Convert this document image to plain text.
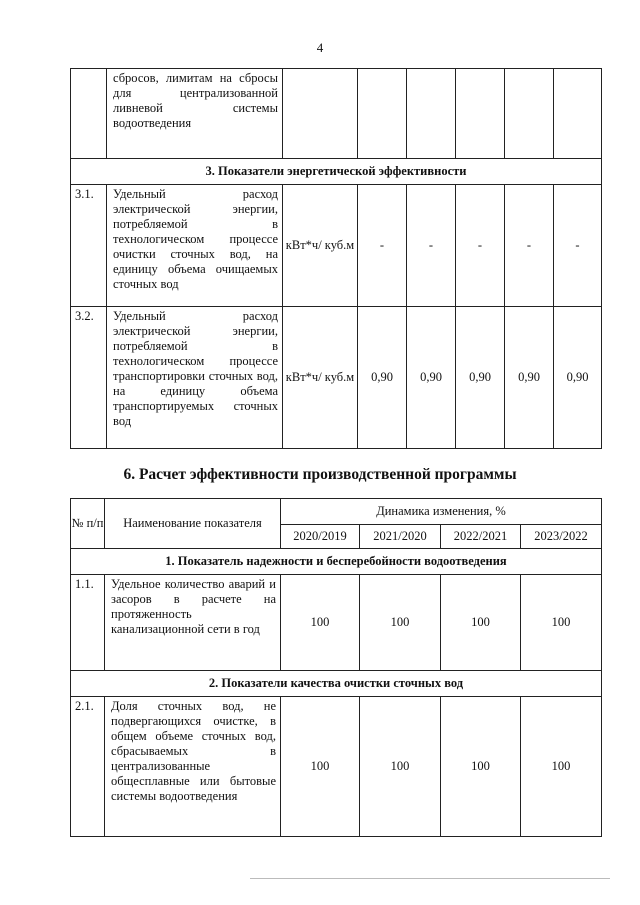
4
	сбросов, лимитам на сбросы для централизованной ливневой системы водоотведения						
3. Показатели энергетической эффективности							
3.1.	Удельный расход электрической энергии, потребляемой в технологическом процессе очистки сточных вод, на единицу объема очищаемых сточных вод	кВт*ч/ куб.м	-	-	-	-	-
3.2.	Удельный расход электрической энергии, потребляемой в технологическом процессе транспортировки сточных вод, на единицу объема транспортируемых сточных вод	кВт*ч/ куб.м	0,90	0,90	0,90	0,90	0,90
6. Расчет эффективности производственной программы
№ п/п	Наименование показателя	Динамика изменения, %			
		2020/2019	2021/2020	2022/2021	2023/2022
1. Показатель надежности и бесперебойности водоотведения					
1.1.	Удельное количество аварий и засоров в расчете на протяженность канализационной сети в год	100	100	100	100
2. Показатели качества очистки сточных вод					
2.1.	Доля сточных вод, не подвергающихся очистке, в общем объеме сточных вод, сбрасываемых в централизованные общесплавные или бытовые системы водоотведения	100	100	100	100
